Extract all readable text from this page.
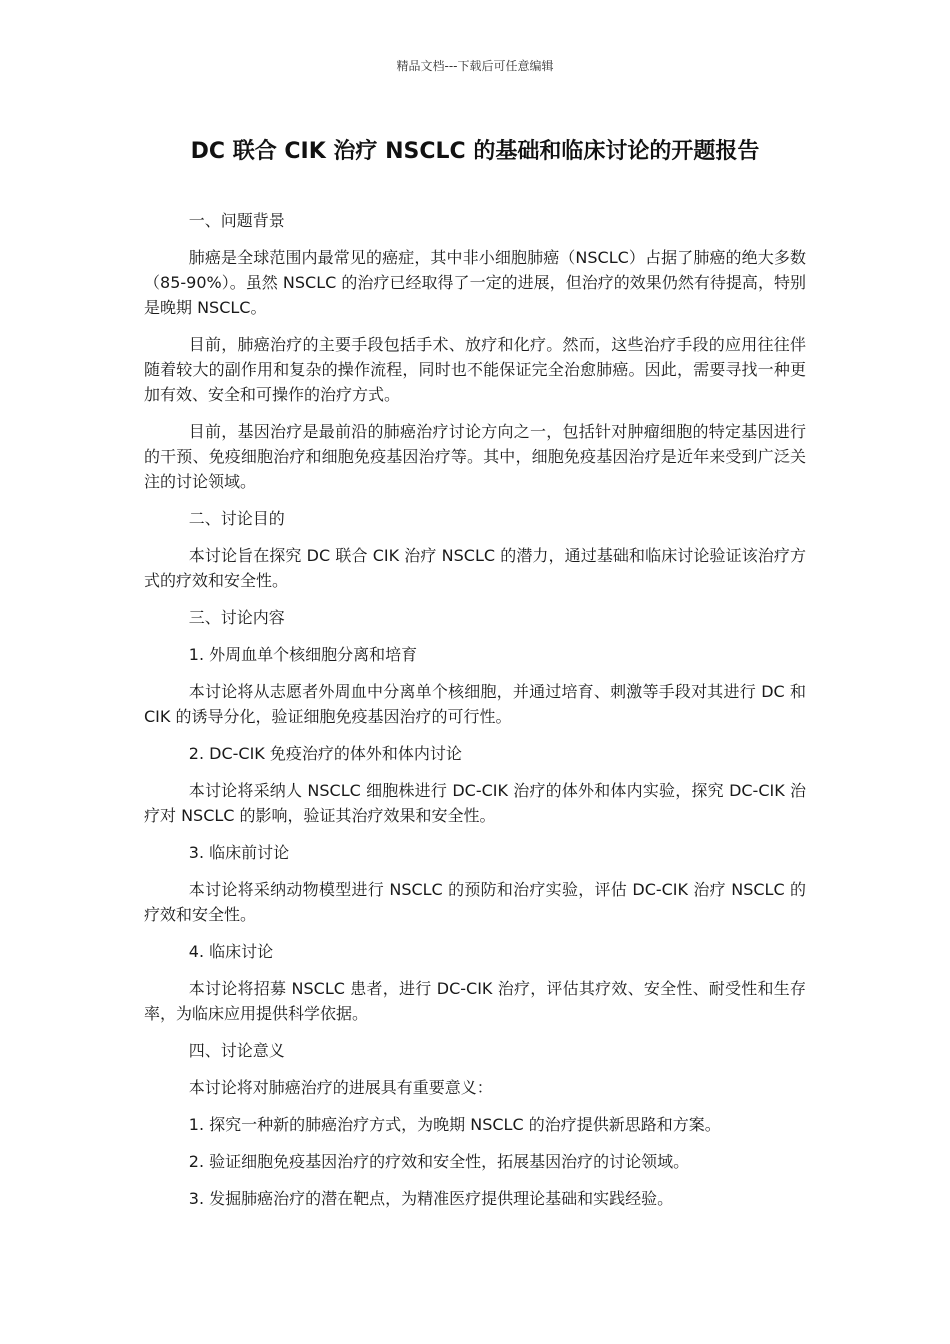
精品文档---下载后可任意编辑
DC 联合 CIK 治疗 NSCLC 的基础和临床讨论的开题报告

一、问题背景

肺癌是全球范围内最常见的癌症，其中非小细胞肺癌（NSCLC）占据了肺癌的绝大多数（85-90%）。虽然 NSCLC 的治疗已经取得了一定的进展，但治疗的效果仍然有待提高，特别是晚期 NSCLC。

目前，肺癌治疗的主要手段包括手术、放疗和化疗。然而，这些治疗手段的应用往往伴随着较大的副作用和复杂的操作流程，同时也不能保证完全治愈肺癌。因此，需要寻找一种更加有效、安全和可操作的治疗方式。

目前，基因治疗是最前沿的肺癌治疗讨论方向之一，包括针对肿瘤细胞的特定基因进行的干预、免疫细胞治疗和细胞免疫基因治疗等。其中，细胞免疫基因治疗是近年来受到广泛关注的讨论领域。

二、讨论目的

本讨论旨在探究 DC 联合 CIK 治疗 NSCLC 的潜力，通过基础和临床讨论验证该治疗方式的疗效和安全性。

三、讨论内容

1. 外周血单个核细胞分离和培育

本讨论将从志愿者外周血中分离单个核细胞，并通过培育、刺激等手段对其进行 DC 和 CIK 的诱导分化，验证细胞免疫基因治疗的可行性。

2. DC-CIK 免疫治疗的体外和体内讨论

本讨论将采纳人 NSCLC 细胞株进行 DC-CIK 治疗的体外和体内实验，探究 DC-CIK 治疗对 NSCLC 的影响，验证其治疗效果和安全性。

3. 临床前讨论

本讨论将采纳动物模型进行 NSCLC 的预防和治疗实验，评估 DC-CIK 治疗 NSCLC 的疗效和安全性。

4. 临床讨论

本讨论将招募 NSCLC 患者，进行 DC-CIK 治疗，评估其疗效、安全性、耐受性和生存率，为临床应用提供科学依据。

四、讨论意义

本讨论将对肺癌治疗的进展具有重要意义：

1. 探究一种新的肺癌治疗方式，为晚期 NSCLC 的治疗提供新思路和方案。

2. 验证细胞免疫基因治疗的疗效和安全性，拓展基因治疗的讨论领域。

3. 发掘肺癌治疗的潜在靶点，为精准医疗提供理论基础和实践经验。
